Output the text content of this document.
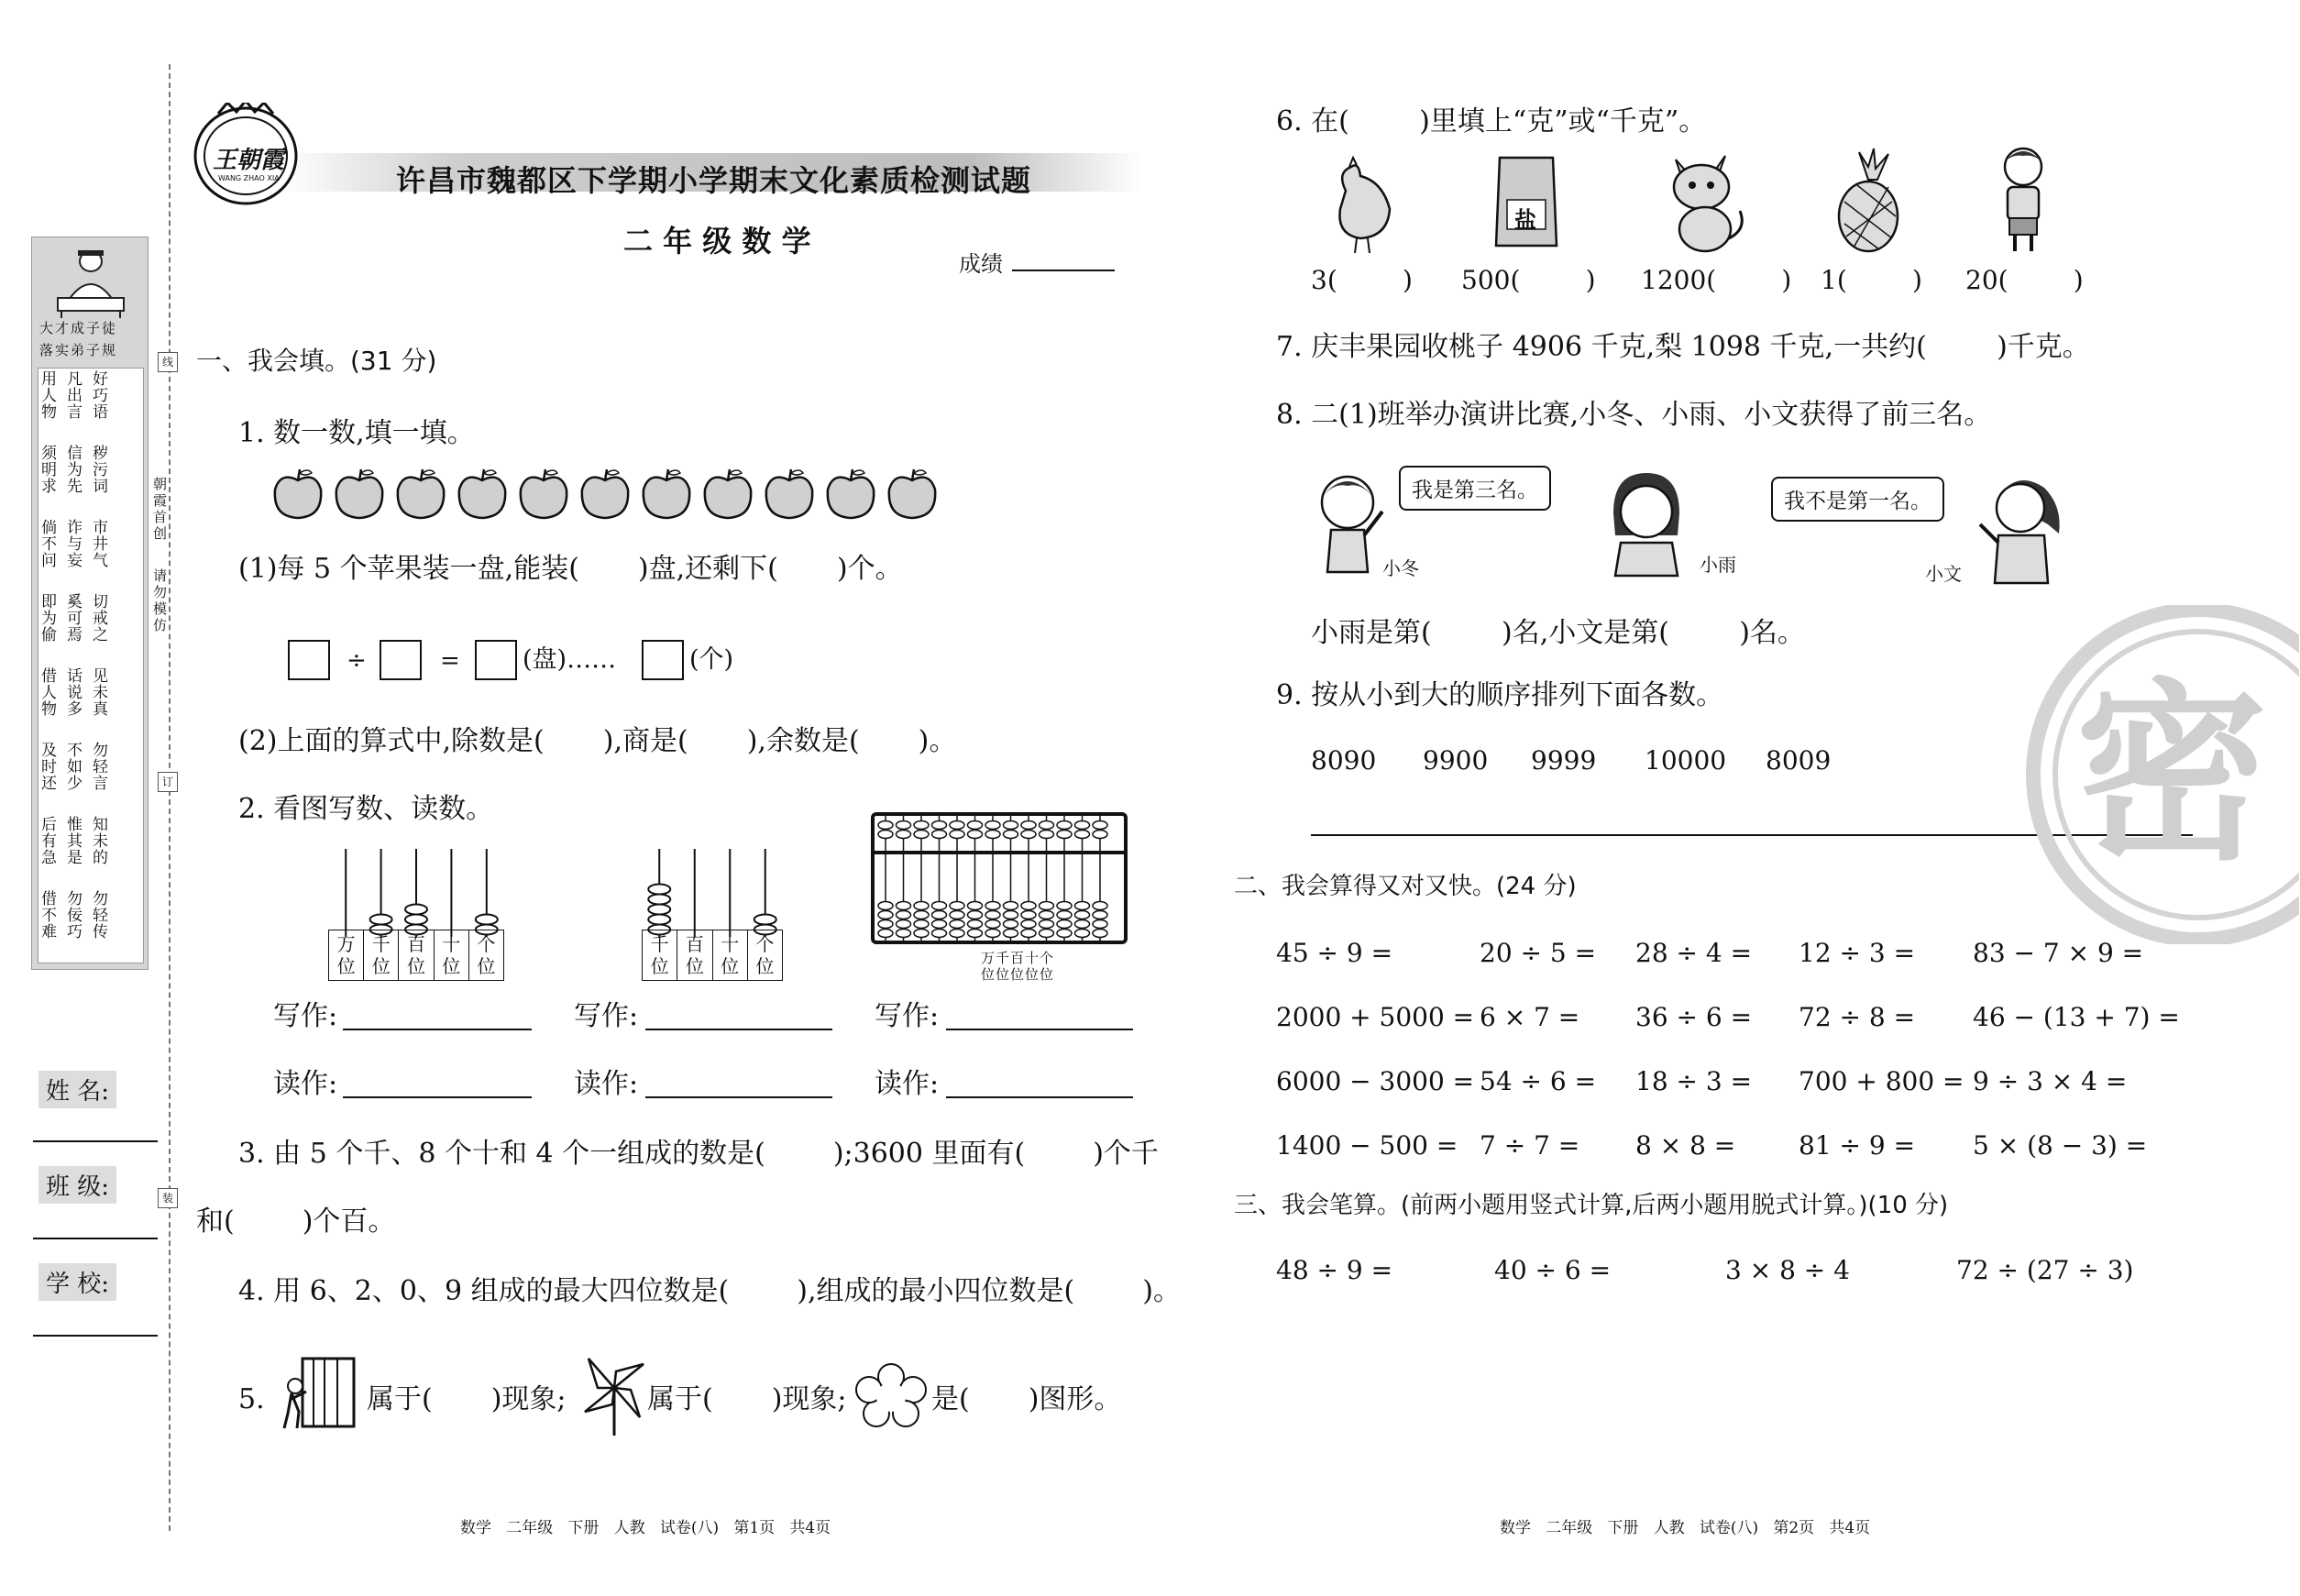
大才成子徒
落实弟子规
好巧语
凡出言
用人物
秽污词
信为先
须明求
市井气
诈与妄
倘不问
切戒之
奚可焉
即为偷
见未真
话说多
借人物
勿轻言
不如少
及时还
知未的
惟其是
后有急
勿轻传
勿佞巧
借不难
线
订
装
朝霞首创
请勿模仿
姓 名:
班 级:
学 校:
王朝霞
WANG ZHAO XIA	许昌市魏都区下学期小学期末文化素质检测试题
二 年 级 数 学
成绩
一、我会填。(31 分)
1. 数一数,填一填。
(1)每 5 个苹果装一盘,能装( )盘,还剩下( )个。
÷	=	(盘)……	(个)
(2)上面的算式中,除数是( ),商是( ),余数是( )。
2. 看图写数、读数。
万位
千位
百位
十位
个位
千位
百位
十位
个位	万千百十个
位位位位位
写作:	写作:	写作:
读作:	读作:	读作:
3. 由 5 个千、8 个十和 4 个一组成的数是( );3600 里面有( )个千
和( )个百。
4. 用 6、2、0、9 组成的最大四位数是( ),组成的最小四位数是( )。
5.	属于( )现象;	属于( )现象;	是( )图形。
数学   二年级   下册   人教   试卷(八)   第1页   共4页
6. 在(        )里填上“克”或“千克”。
盐
3(        ) 500(        ) 1200(        ) 1(        ) 20(        )
7. 庆丰果园收桃子 4906 千克,梨 1098 千克,一共约(        )千克。
8. 二(1)班举办演讲比赛,小冬、小雨、小文获得了前三名。
我是第三名。
小冬	小雨
我不是第一名。
小文
小雨是第(        )名,小文是第(        )名。
9. 按从小到大的顺序排列下面各数。
8090 9900 9999 10000 8009 密
二、我会算得又对又快。(24 分)
45 ÷ 9 =	20 ÷ 5 = 28 ÷ 4 = 12 ÷ 3 = 83 − 7 × 9 =
2000 + 5000 = 6 × 7 = 36 ÷ 6 = 72 ÷ 8 = 46 − (13 + 7) =
6000 − 3000 = 54 ÷ 6 = 18 ÷ 3 = 700 + 800 = 9 ÷ 3 × 4 =
1400 − 500 = 7 ÷ 7 = 8 × 8 = 81 ÷ 9 = 5 × (8 − 3) =
三、我会笔算。(前两小题用竖式计算,后两小题用脱式计算。)(10 分)
48 ÷ 9 =	40 ÷ 6 =	3 × 8 ÷ 4	72 ÷ (27 ÷ 3)
数学   二年级   下册   人教   试卷(八)   第2页   共4页
